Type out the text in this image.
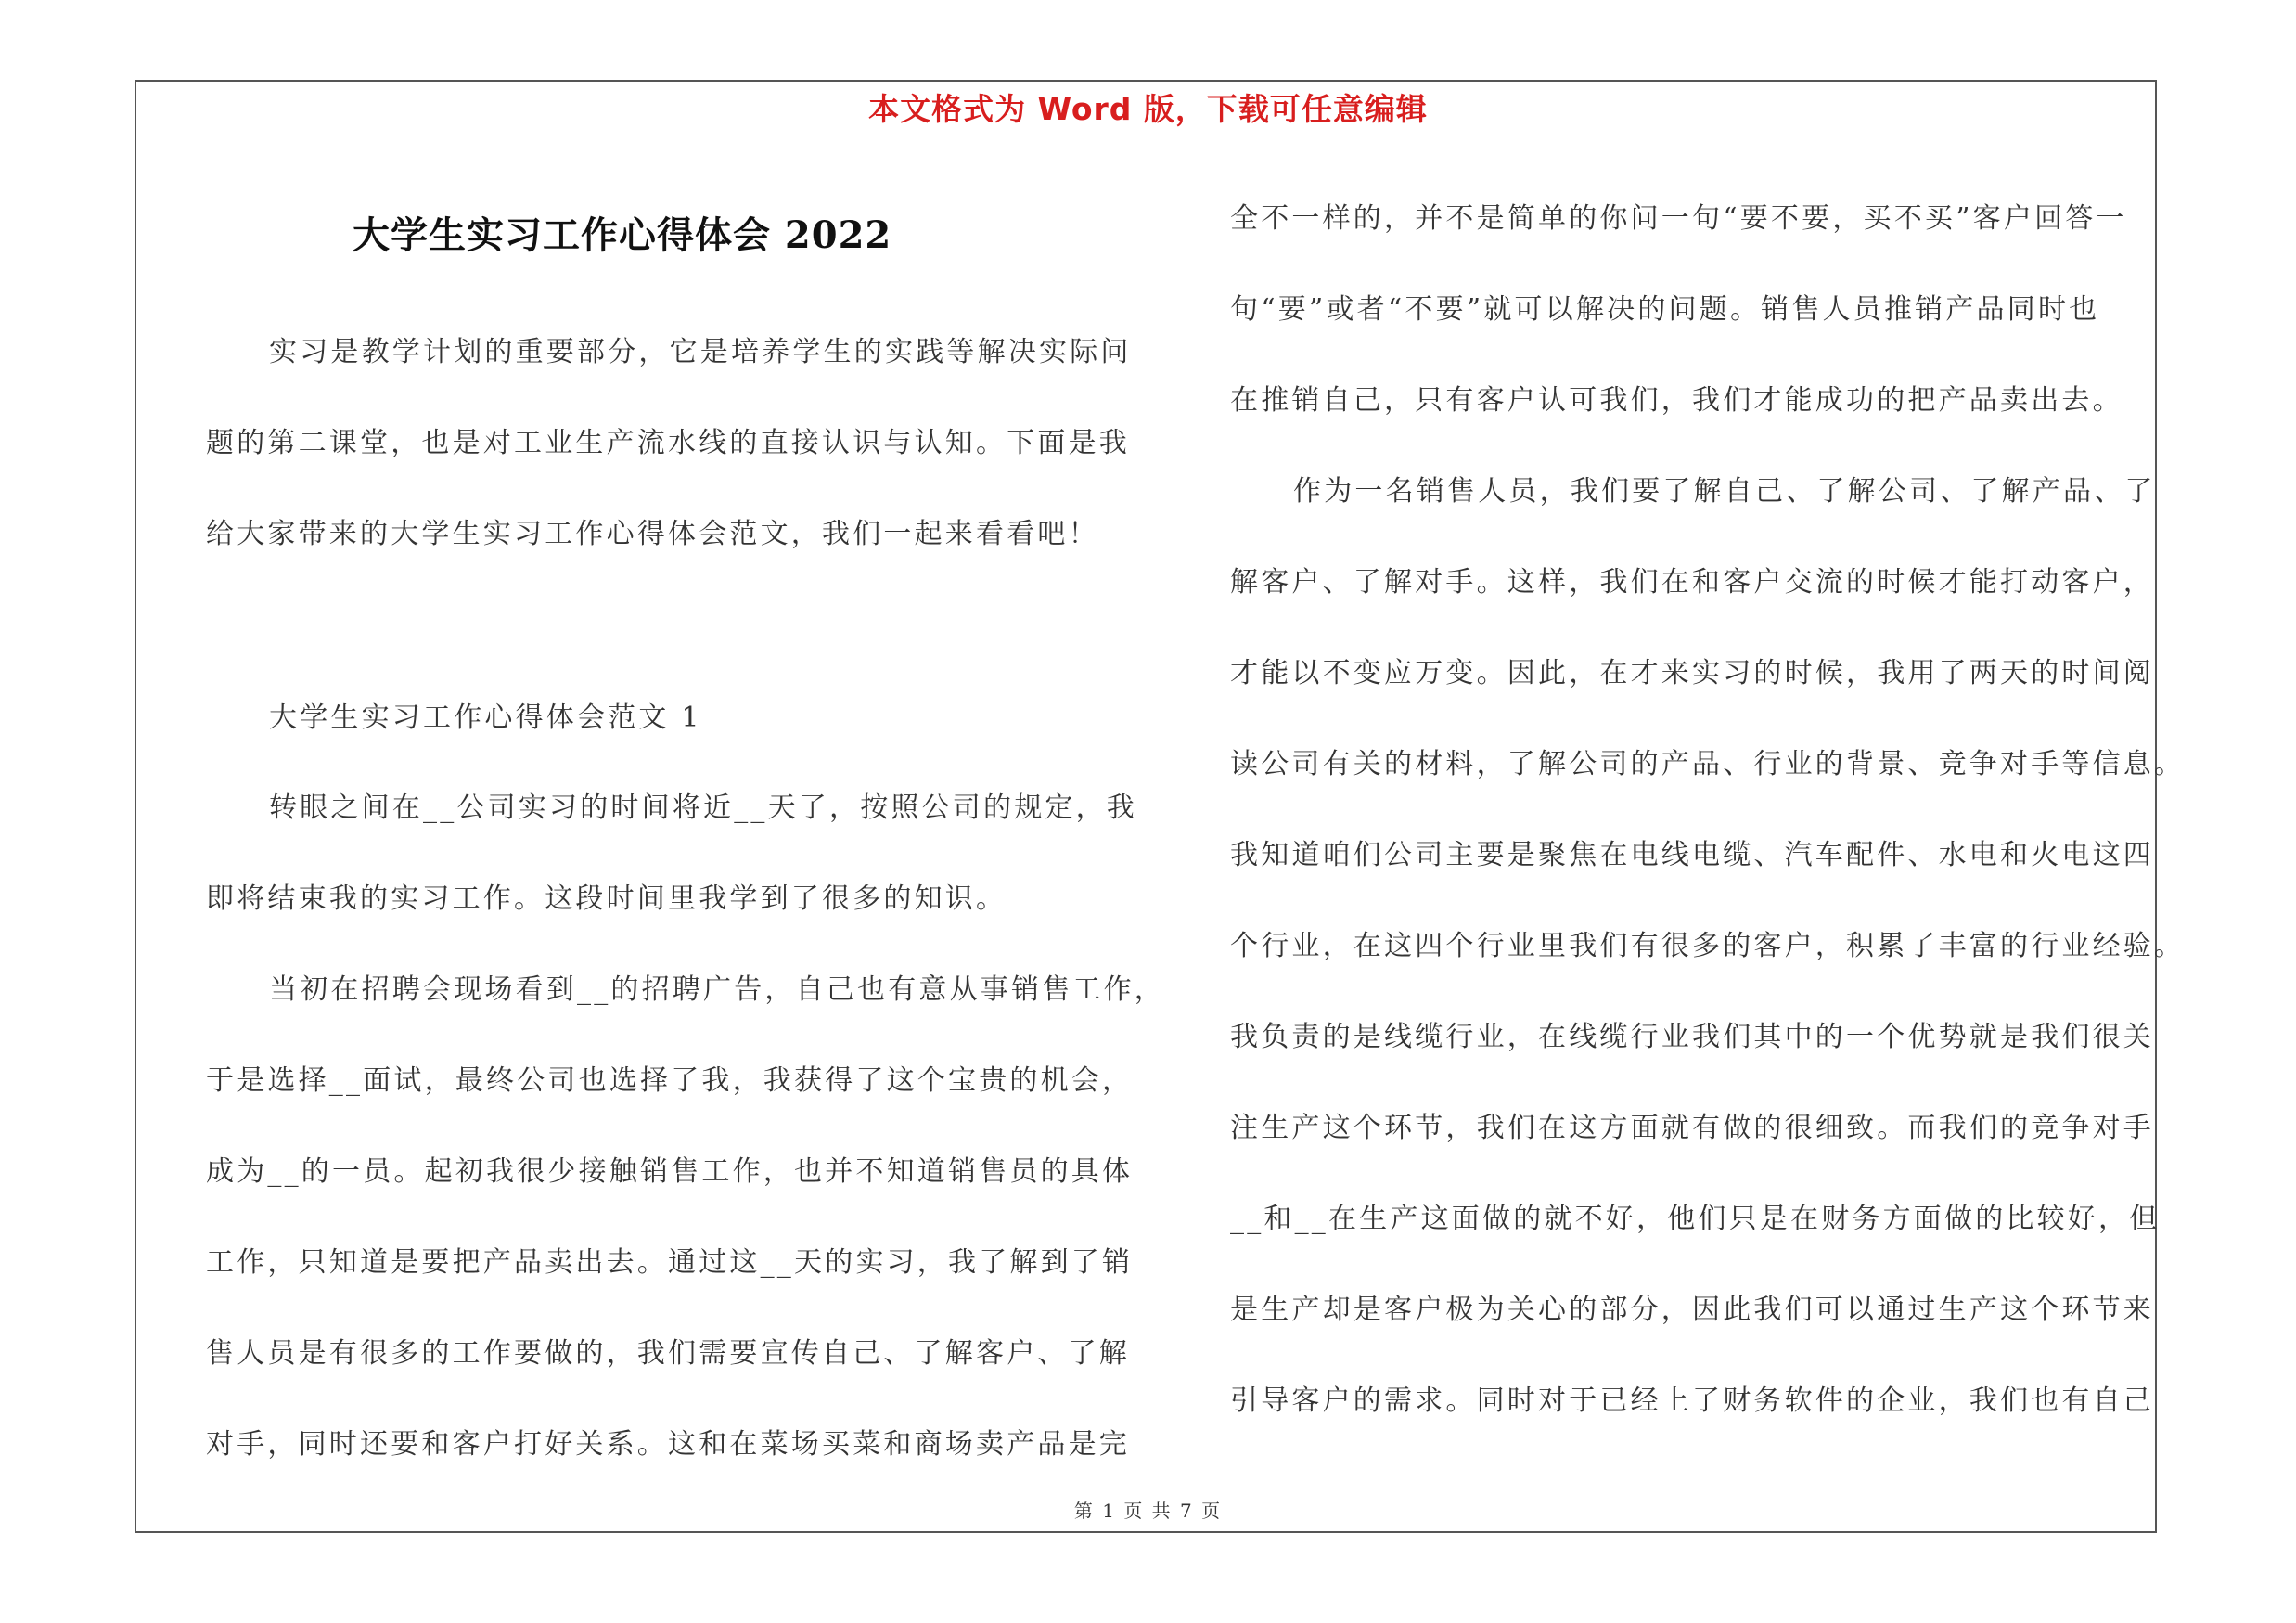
本文格式为 Word 版，下载可任意编辑
大学生实习工作心得体会 2022
实习是教学计划的重要部分，它是培养学生的实践等解决实际问
题的第二课堂，也是对工业生产流水线的直接认识与认知。下面是我
给大家带来的大学生实习工作心得体会范文，我们一起来看看吧！
大学生实习工作心得体会范文 1
转眼之间在__公司实习的时间将近__天了，按照公司的规定，我
即将结束我的实习工作。这段时间里我学到了很多的知识。
当初在招聘会现场看到__的招聘广告，自己也有意从事销售工作，
于是选择__面试，最终公司也选择了我，我获得了这个宝贵的机会，
成为__的一员。起初我很少接触销售工作，也并不知道销售员的具体
工作，只知道是要把产品卖出去。通过这__天的实习，我了解到了销
售人员是有很多的工作要做的，我们需要宣传自己、了解客户、了解
对手，同时还要和客户打好关系。这和在菜场买菜和商场卖产品是完
全不一样的，并不是简单的你问一句“要不要，买不买”客户回答一
句“要”或者“不要”就可以解决的问题。销售人员推销产品同时也
在推销自己，只有客户认可我们，我们才能成功的把产品卖出去。
作为一名销售人员，我们要了解自己、了解公司、了解产品、了
解客户、了解对手。这样，我们在和客户交流的时候才能打动客户，
才能以不变应万变。因此，在才来实习的时候，我用了两天的时间阅
读公司有关的材料，了解公司的产品、行业的背景、竞争对手等信息。
我知道咱们公司主要是聚焦在电线电缆、汽车配件、水电和火电这四
个行业，在这四个行业里我们有很多的客户，积累了丰富的行业经验。
我负责的是线缆行业，在线缆行业我们其中的一个优势就是我们很关
注生产这个环节，我们在这方面就有做的很细致。而我们的竞争对手
__和__在生产这面做的就不好，他们只是在财务方面做的比较好，但
是生产却是客户极为关心的部分，因此我们可以通过生产这个环节来
引导客户的需求。同时对于已经上了财务软件的企业，我们也有自己
第 1 页 共 7 页
